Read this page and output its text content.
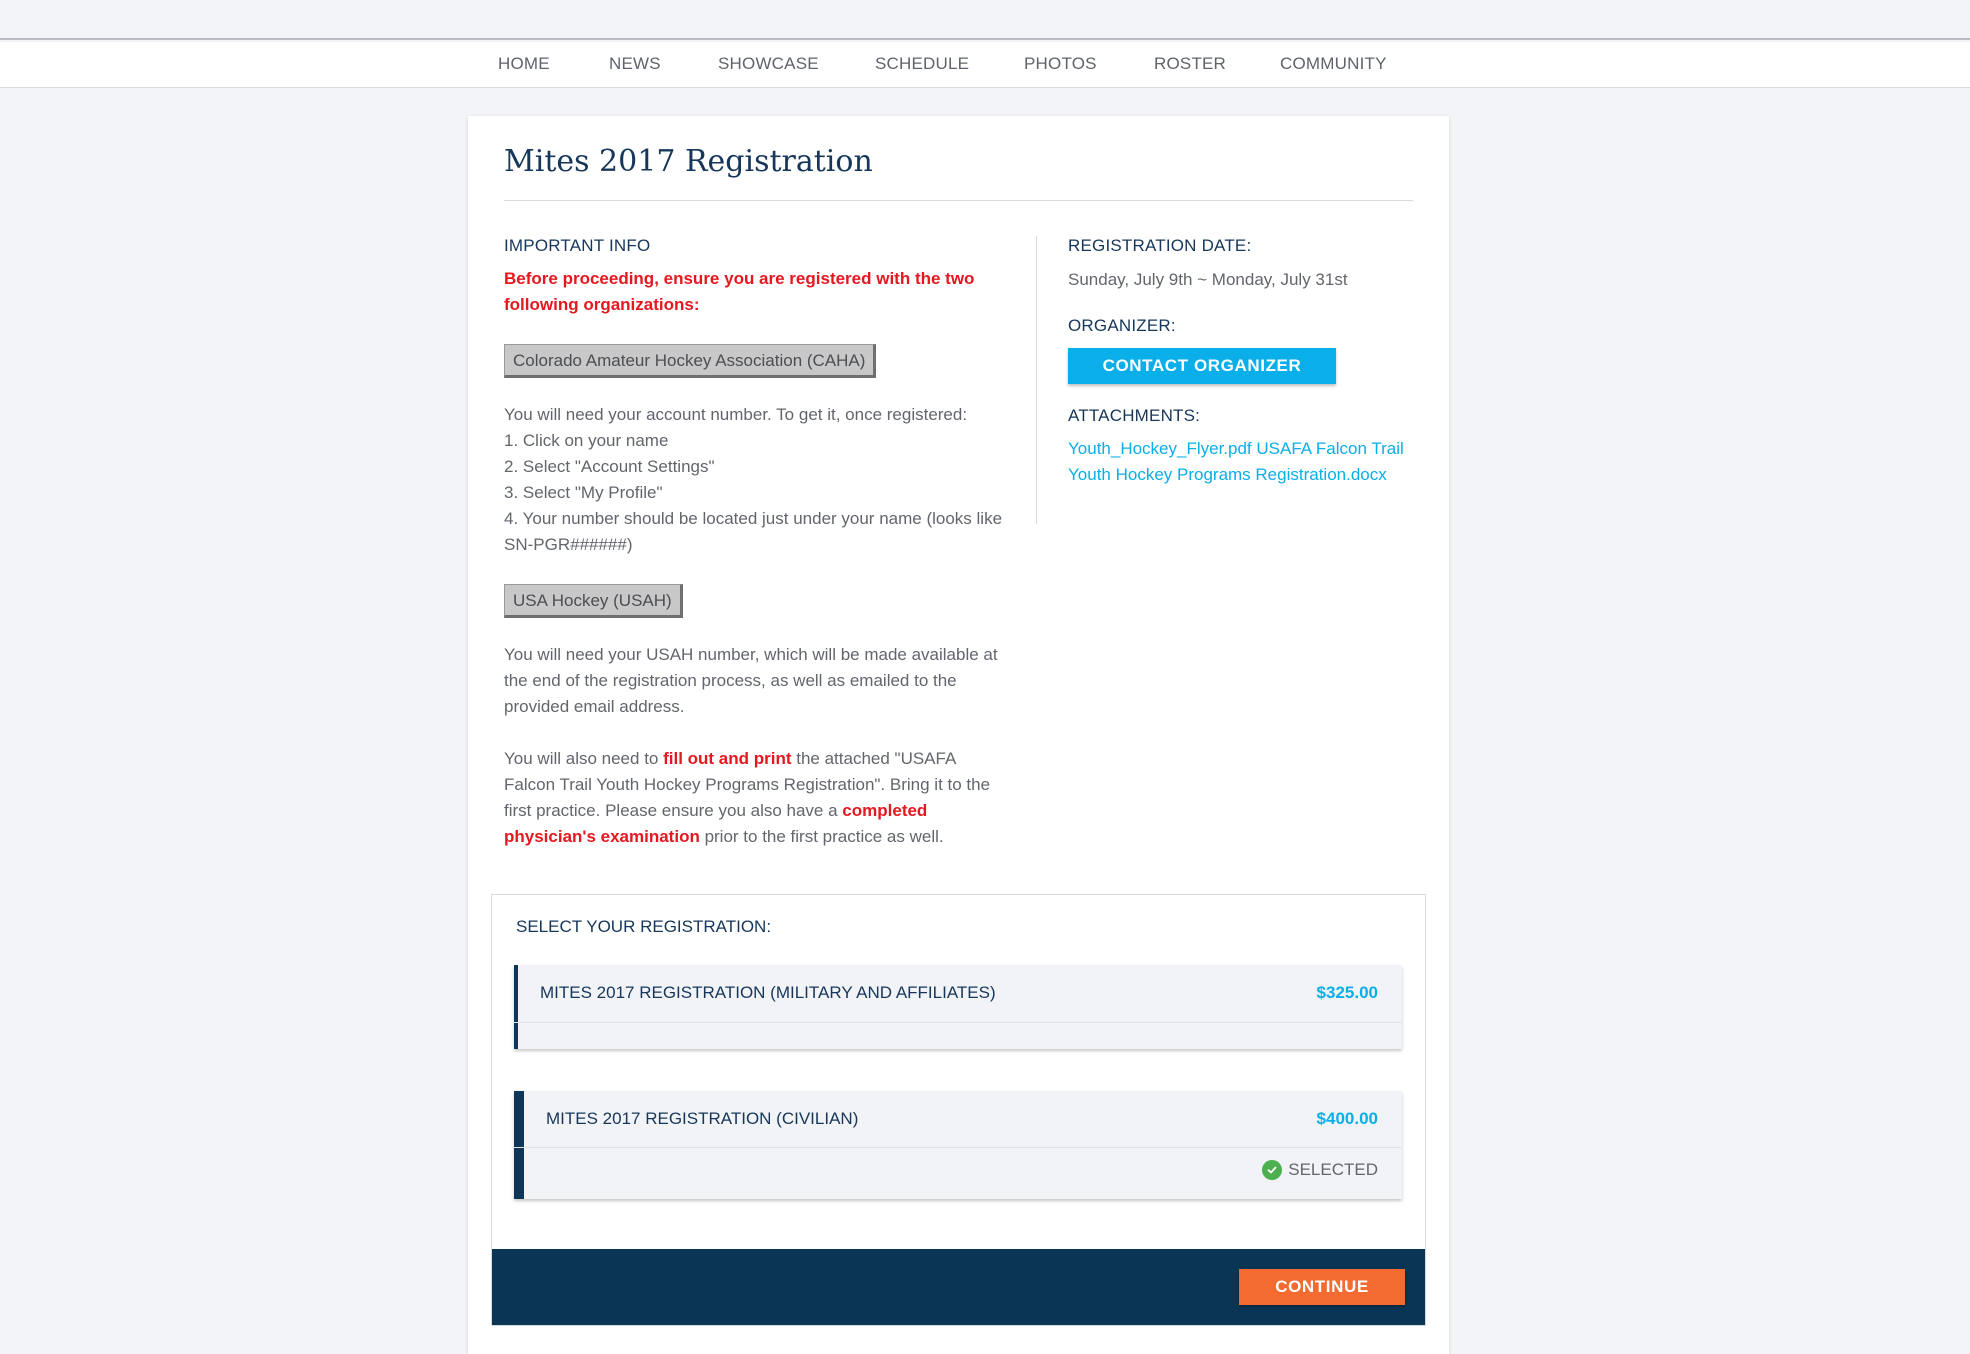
HOME	NEWS	SHOWCASE	SCHEDULE	PHOTOS	ROSTER	COMMUNITY
Mites 2017 Registration
IMPORTANT INFO
Before proceeding, ensure you are registered with the two following organizations:
Colorado Amateur Hockey Association (CAHA)
You will need your account number. To get it, once registered:
1. Click on your name
2. Select "Account Settings"
3. Select "My Profile"
4. Your number should be located just under your name (looks like SN-PGR######)
USA Hockey (USAH)
You will need your USAH number, which will be made available at the end of the registration process, as well as emailed to the provided email address.
You will also need to fill out and print the attached "USAFA Falcon Trail Youth Hockey Programs Registration". Bring it to the first practice. Please ensure you also have a completed physician's examination prior to the first practice as well.
REGISTRATION DATE:
Sunday, July 9th ~ Monday, July 31st
ORGANIZER:
CONTACT ORGANIZER
ATTACHMENTS:
Youth_Hockey_Flyer.pdf USAFA Falcon Trail Youth Hockey Programs Registration.docx
SELECT YOUR REGISTRATION:
MITES 2017 REGISTRATION (MILITARY AND AFFILIATES)	$325.00
MITES 2017 REGISTRATION (CIVILIAN)	$400.00
SELECTED
CONTINUE
